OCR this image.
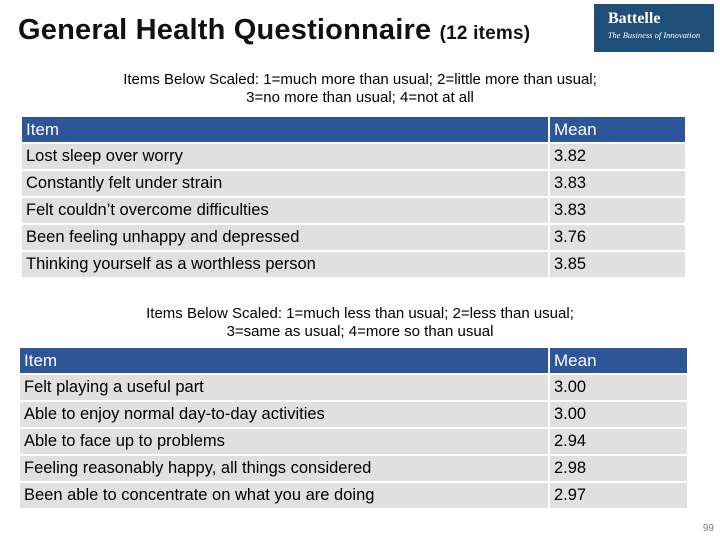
General Health Questionnaire (12 items)
Battelle
The Business of Innovation
Items Below Scaled: 1=much more than usual; 2=little more than usual;
3=no more than usual; 4=not at all
Item	Mean
Lost sleep over worry	3.82
Constantly felt under strain	3.83
Felt couldn’t overcome difficulties	3.83
Been feeling unhappy and depressed	3.76
Thinking yourself as a worthless person	3.85
Items Below Scaled: 1=much less than usual; 2=less than usual;
3=same as usual; 4=more so than usual
Item	Mean
Felt playing a useful part	3.00
Able to enjoy normal day-to-day activities	3.00
Able to face up to problems	2.94
Feeling reasonably happy, all things considered	2.98
Been able to concentrate on what you are doing	2.97
99
